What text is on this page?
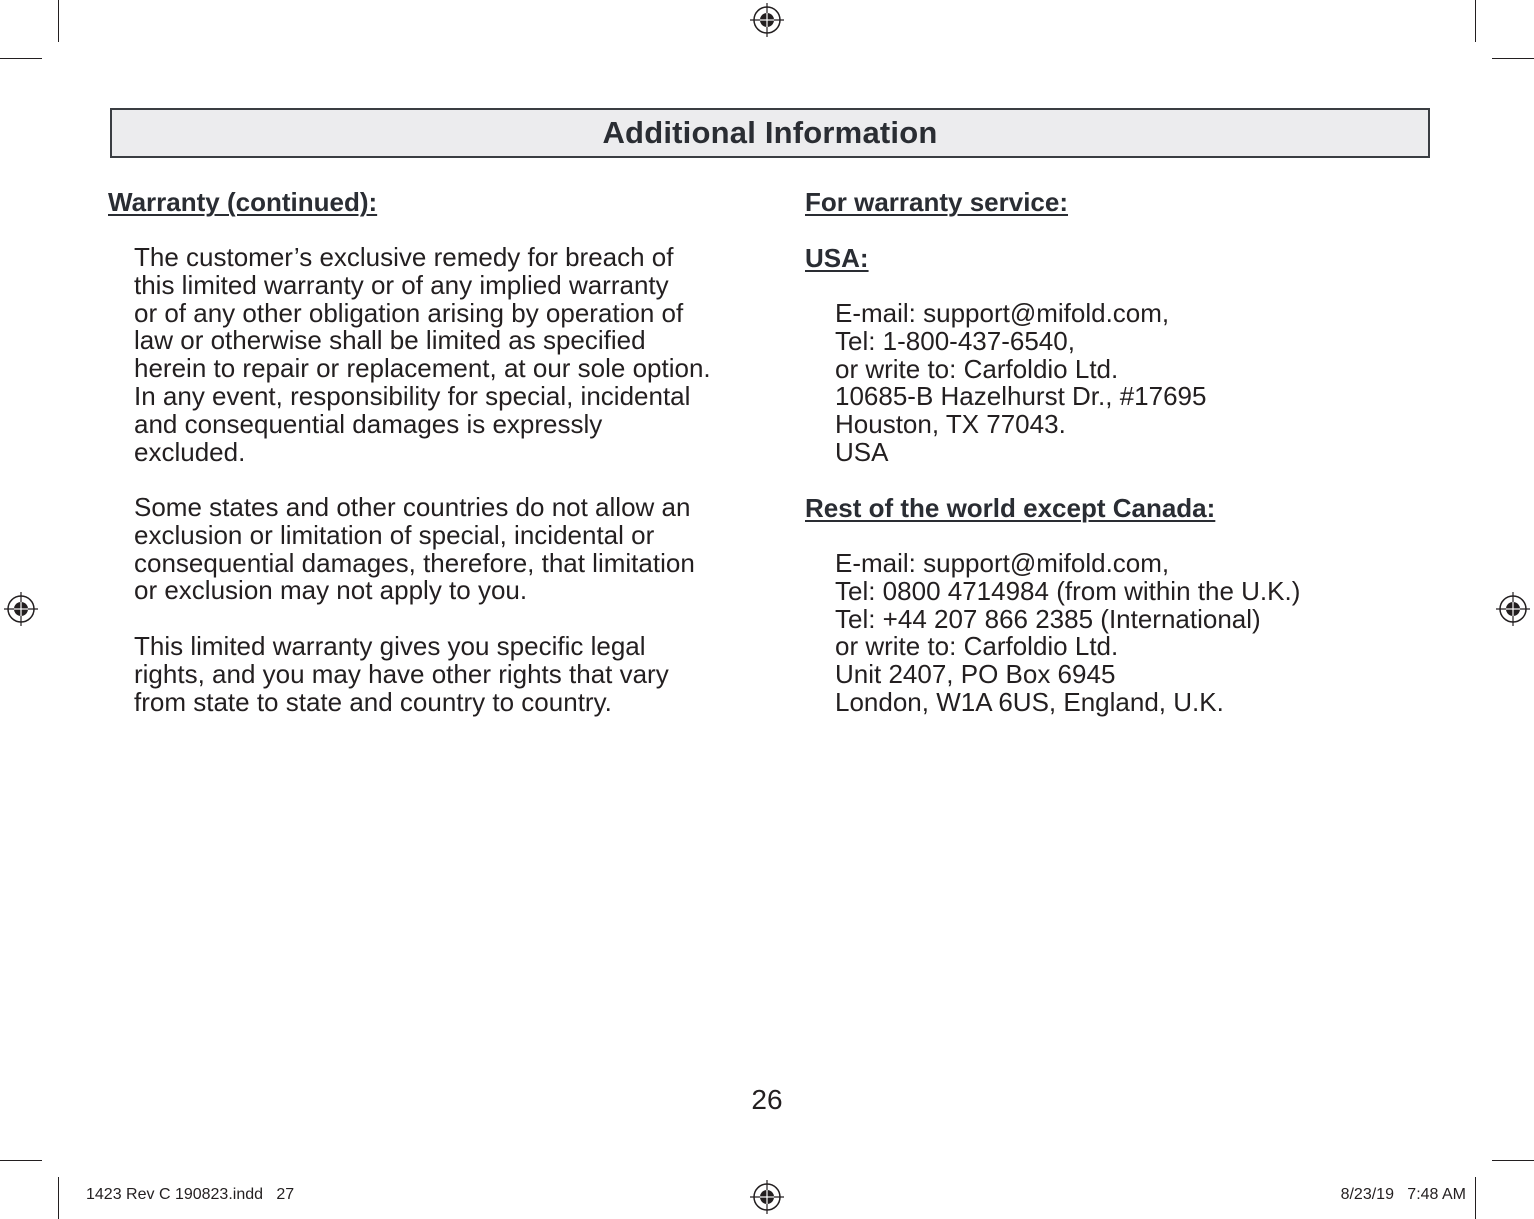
Additional Information
Warranty (continued):
The customer’s exclusive remedy for breach of
this limited warranty or of any implied warranty
or of any other obligation arising by operation of
law or otherwise shall be limited as specified
herein to repair or replacement, at our sole option.
In any event, responsibility for special, incidental
and consequential damages is expressly
excluded.
Some states and other countries do not allow an
exclusion or limitation of special, incidental or
consequential damages, therefore, that limitation
or exclusion may not apply to you.
This limited warranty gives you specific legal
rights, and you may have other rights that vary
from state to state and country to country.
For warranty service:
USA:
E-mail: support@mifold.com,
Tel: 1-800-437-6540,
or write to: Carfoldio Ltd.
10685-B Hazelhurst Dr., #17695
Houston, TX 77043.
USA
Rest of the world except Canada:
E-mail: support@mifold.com,
Tel: 0800 4714984 (from within the U.K.)
Tel: +44 207 866 2385 (International)
or write to: Carfoldio Ltd.
Unit 2407, PO Box 6945
London, W1A 6US, England, U.K.
26
1423 Rev C 190823.indd   27	8/23/19   7:48 AM
